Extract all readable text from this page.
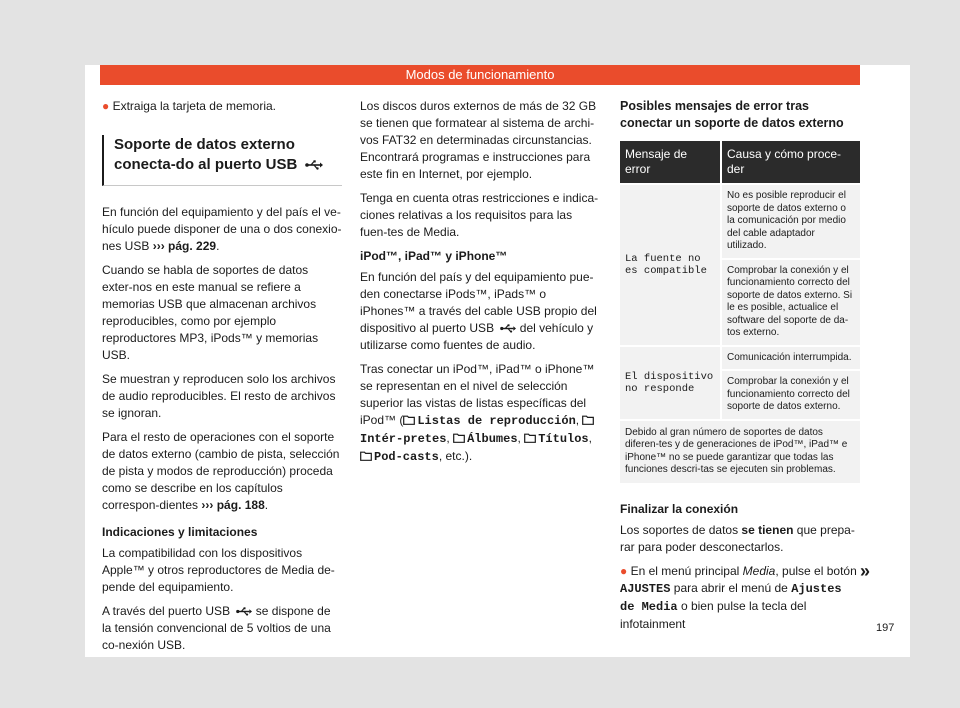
Modos de funcionamiento

● Extraiga la tarjeta de memoria.

Soporte de datos externo conecta-do al puerto USB

En función del equipamiento y del país el ve-hículo puede disponer de una o dos conexio-nes USB ››› pág. 229.

Cuando se habla de soportes de datos exter-nos en este manual se refiere a memorias USB que almacenan archivos reproducibles, como por ejemplo reproductores MP3, iPods™ y memorias USB.

Se muestran y reproducen solo los archivos de audio reproducibles. El resto de archivos se ignoran.

Para el resto de operaciones con el soporte de datos externo (cambio de pista, selección de pista y modos de reproducción) proceda como se describe en los capítulos correspon-dientes ››› pág. 188.

Indicaciones y limitaciones

La compatibilidad con los dispositivos Apple™ y otros reproductores de Media de-pende del equipamiento.

A través del puerto USB se dispone de la tensión convencional de 5 voltios de una co-nexión USB.

Los discos duros externos de más de 32 GB se tienen que formatear al sistema de archi-vos FAT32 en determinadas circunstancias. Encontrará programas e instrucciones para este fin en Internet, por ejemplo.

Tenga en cuenta otras restricciones e indica-ciones relativas a los requisitos para las fuen-tes de Media.

iPod™, iPad™ y iPhone™

En función del país y del equipamiento pue-den conectarse iPods™, iPads™ o iPhones™ a través del cable USB propio del dispositivo al puerto USB del vehículo y utilizarse como fuentes de audio.

Tras conectar un iPod™, iPad™ o iPhone™ se representan en el nivel de selección superior las vistas de listas específicas del iPod™ ( Listas de reproducción, Intér-pretes, Álbumes, Títulos, Pod-casts, etc.).

Posibles mensajes de error tras conectar un soporte de datos externo

Mensaje de error	Causa y cómo proce-der
La fuente no es compatible	No es posible reproducir el soporte de datos externo o la comunicación por medio del cable adaptador utilizado.
	Comprobar la conexión y el funcionamiento correcto del soporte de datos externo. Si le es posible, actualice el software del soporte de da-tos externo.
El dispositivo no responde	Comunicación interrumpida.
	Comprobar la conexión y el funcionamiento correcto del soporte de datos externo.
Debido al gran número de soportes de datos diferen-tes y de generaciones de iPod™, iPad™ e iPhone™ no se puede garantizar que todas las funciones descri-tas se ejecuten sin problemas.	

Finalizar la conexión

Los soportes de datos se tienen que prepa-rar para poder desconectarlos.

● En el menú principal Media, pulse el botón AJUSTES para abrir el menú de Ajustes de Media o bien pulse la tecla del infotainment

»
197
